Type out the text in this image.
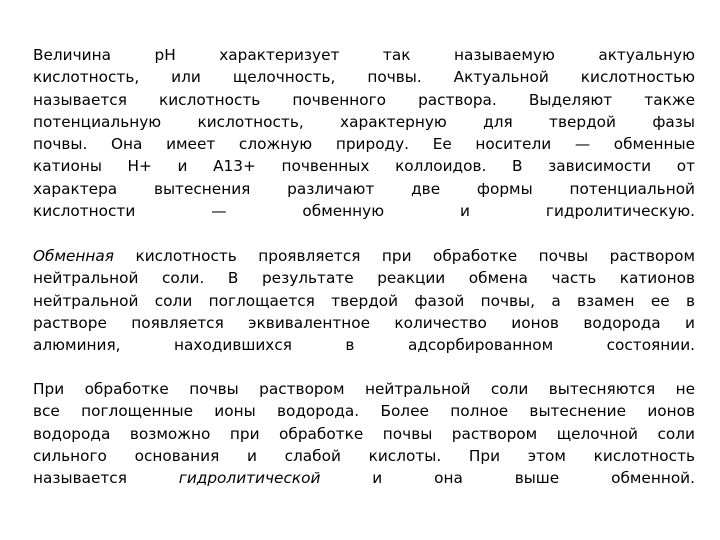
Величина рН характеризует так называемую актуальную
кислотность, или щелочность, почвы. Актуальной кислотностью
называется кислотность почвенного раствора. Выделяют также
потенциальную кислотность, характерную для твердой фазы
почвы. Она имеет сложную природу. Ее носители — обменные
катионы Н+ и А13+ почвенных коллоидов. В зависимости от
характера вытеснения различают две формы потенциальной
кислотности — обменную и гидролитическую.
Обменная кислотность проявляется при обработке почвы раствором
нейтральной соли. В результате реакции обмена часть катионов
нейтральной соли поглощается твердой фазой почвы, а взамен ее в
растворе появляется эквивалентное количество ионов водорода и
алюминия, находившихся в адсорбированном состоянии.
При обработке почвы раствором нейтральной соли вытесняются не
все поглощенные ионы водорода. Более полное вытеснение ионов
водорода возможно при обработке почвы раствором щелочной соли
сильного основания и слабой кислоты. При этом кислотность
называется гидролитической и она выше обменной.
